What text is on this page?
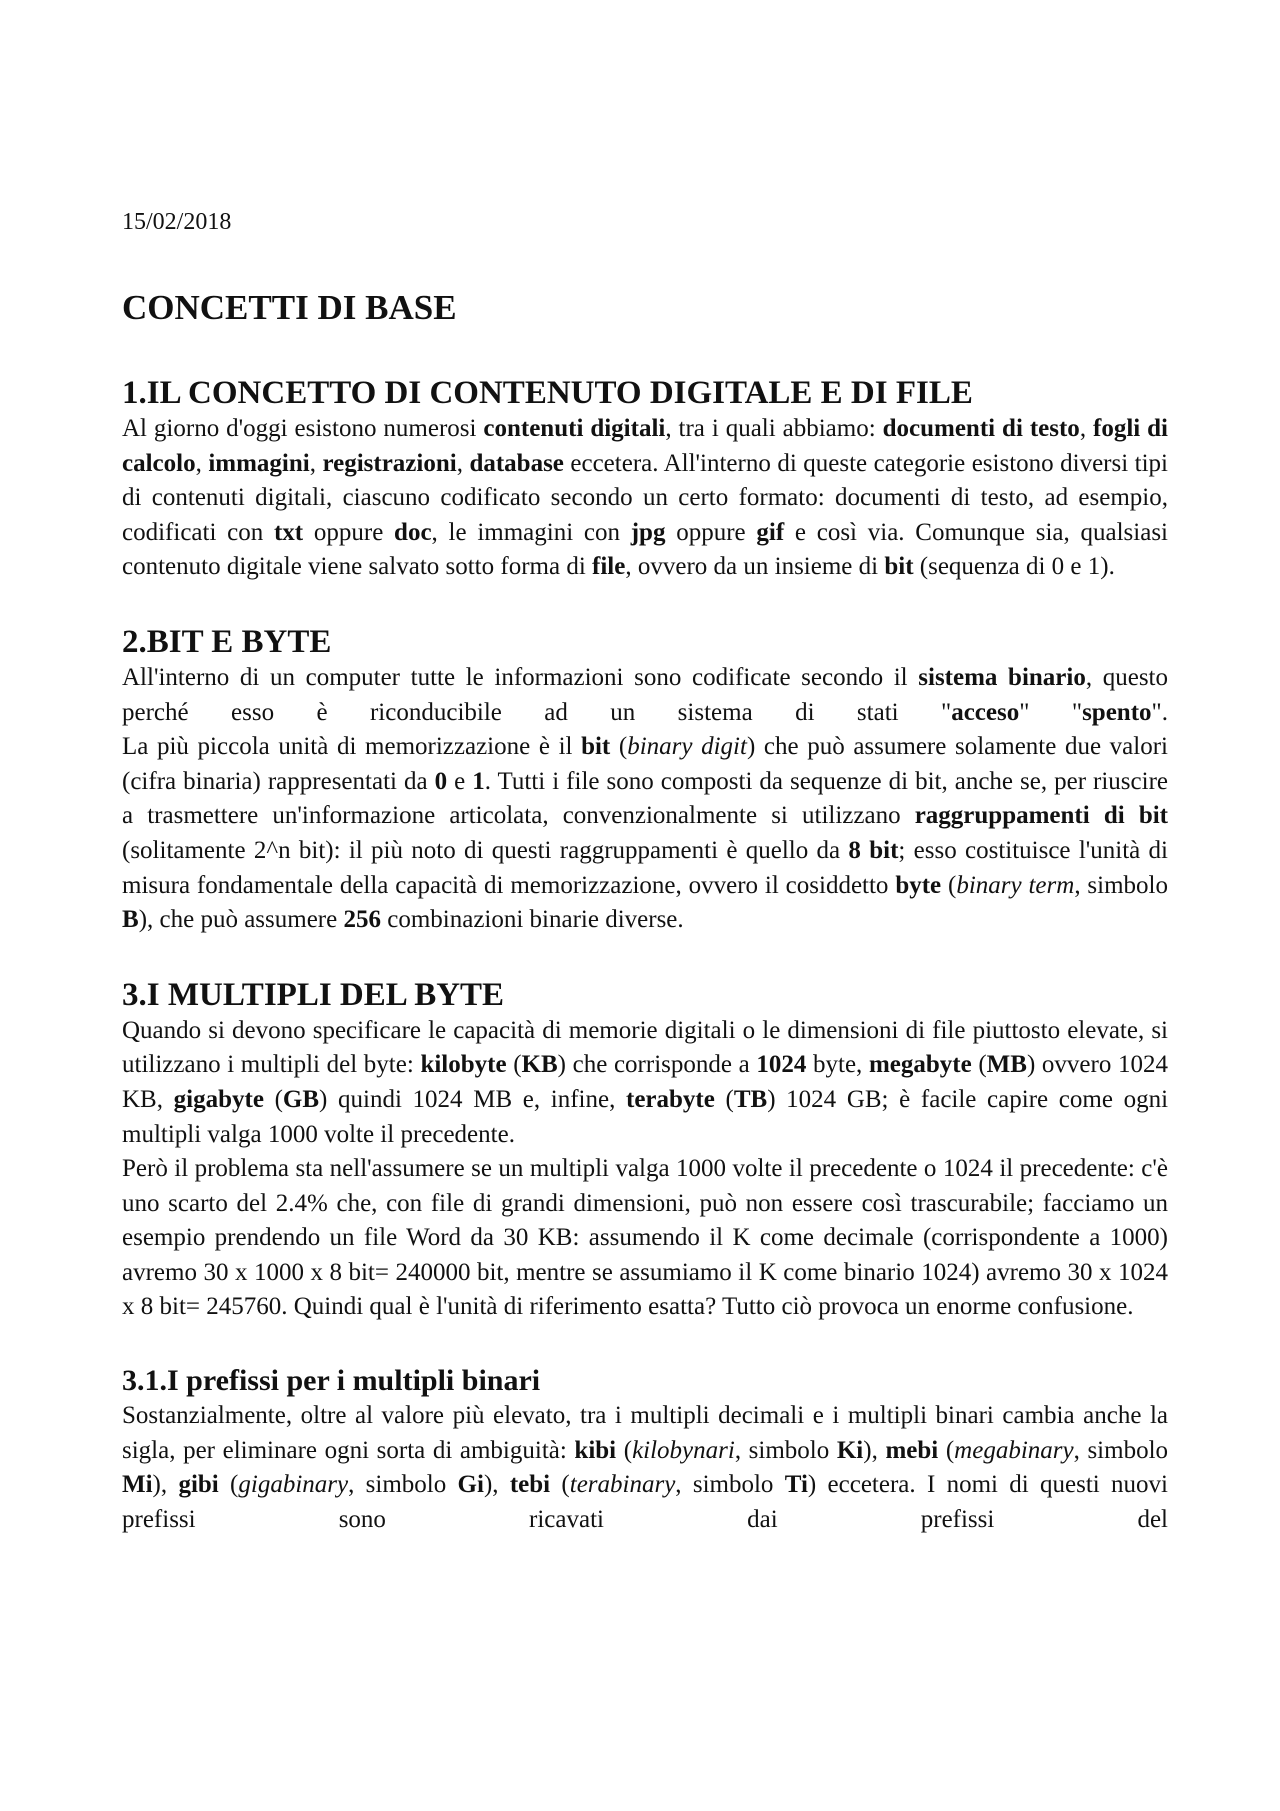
15/02/2018

CONCETTI DI BASE
1.IL CONCETTO DI CONTENUTO DIGITALE E DI FILE

Al giorno d'oggi esistono numerosi contenuti digitali, tra i quali abbiamo: documenti di testo, fogli di calcolo, immagini, registrazioni, database eccetera. All'interno di queste categorie esistono diversi tipi di contenuti digitali, ciascuno codificato secondo un certo formato: documenti di testo, ad esempio, codificati con txt oppure doc, le immagini con jpg oppure gif e così via. Comunque sia, qualsiasi contenuto digitale viene salvato sotto forma di file, ovvero da un insieme di bit (sequenza di 0 e 1).

2.BIT E BYTE

All'interno di un computer tutte le informazioni sono codificate secondo il sistema binario, questo perché esso è riconducibile ad un sistema di stati "acceso" "spento".

La più piccola unità di memorizzazione è il bit (binary digit) che può assumere solamente due valori (cifra binaria) rappresentati da 0 e 1. Tutti i file sono composti da sequenze di bit, anche se, per riuscire a trasmettere un'informazione articolata, convenzionalmente si utilizzano raggruppamenti di bit (solitamente 2^n bit): il più noto di questi raggruppamenti è quello da 8 bit; esso costituisce l'unità di misura fondamentale della capacità di memorizzazione, ovvero il cosiddetto byte (binary term, simbolo B), che può assumere 256 combinazioni binarie diverse.

3.I MULTIPLI DEL BYTE

Quando si devono specificare le capacità di memorie digitali o le dimensioni di file piuttosto elevate, si utilizzano i multipli del byte: kilobyte (KB) che corrisponde a 1024 byte, megabyte (MB) ovvero 1024 KB, gigabyte (GB) quindi 1024 MB e, infine, terabyte (TB) 1024 GB; è facile capire come ogni multipli valga 1000 volte il precedente.

Però il problema sta nell'assumere se un multipli valga 1000 volte il precedente o 1024 il precedente: c'è uno scarto del 2.4% che, con file di grandi dimensioni, può non essere così trascurabile; facciamo un esempio prendendo un file Word da 30 KB: assumendo il K come decimale (corrispondente a 1000) avremo 30 x 1000 x 8 bit= 240000 bit, mentre se assumiamo il K come binario 1024) avremo 30 x 1024 x 8 bit= 245760. Quindi qual è l'unità di riferimento esatta? Tutto ciò provoca un enorme confusione.

3.1.I prefissi per i multipli binari

Sostanzialmente, oltre al valore più elevato, tra i multipli decimali e i multipli binari cambia anche la sigla, per eliminare ogni sorta di ambiguità: kibi (kilobynari, simbolo Ki), mebi (megabinary, simbolo Mi), gibi (gigabinary, simbolo Gi), tebi (terabinary, simbolo Ti) eccetera. I nomi di questi nuovi prefissi sono ricavati dai prefissi del
